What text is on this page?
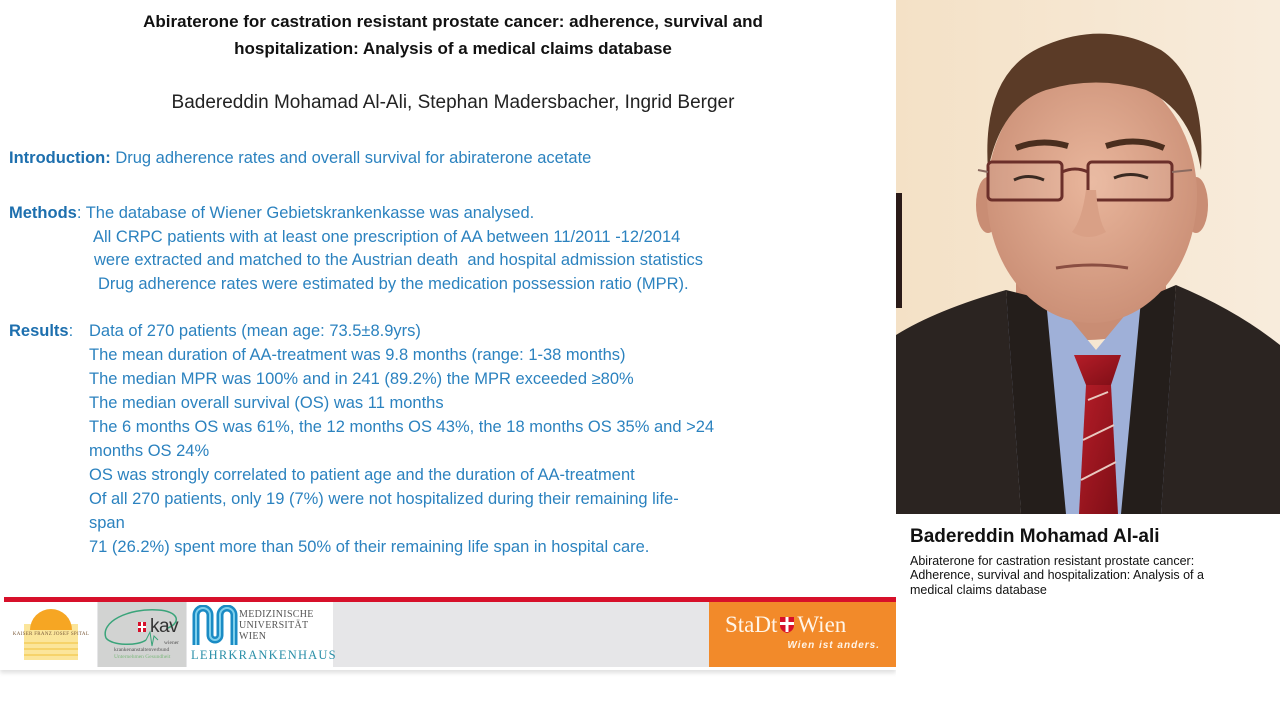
Abiraterone for castration resistant prostate cancer: adherence, survival and
hospitalization: Analysis of a medical claims database
Badereddin Mohamad Al-Ali, Stephan Madersbacher, Ingrid Berger
Introduction: Drug adherence rates and overall survival for abiraterone acetate
Methods: The database of Wiener Gebietskrankenkasse was analysed.
All CRPC patients with at least one prescription of AA between 11/2011 -12/2014
were extracted and matched to the Austrian death  and hospital admission statistics
Drug adherence rates were estimated by the medication possession ratio (MPR).
Results: Data of 270 patients (mean age: 73.5±8.9yrs)
The mean duration of AA-treatment was 9.8 months (range: 1-38 months)
The median MPR was 100% and in 241 (89.2%) the MPR exceeded ≥80%
The median overall survival (OS) was 11 months
The 6 months OS was 61%, the 12 months OS 43%, the 18 months OS 35% and >24
months OS 24%
OS was strongly correlated to patient age and the duration of AA-treatment
Of all 270 patients, only 19 (7%) were not hospitalized during their remaining life-
span
71 (26.2%) spent more than 50% of their remaining life span in hospital care.
KAISER FRANZ JOSEF SPITAL	kav
wiener
krankenanstaltenverbund
Unternehmen Gesundheit
MEDIZINISCHE
UNIVERSITÄT
WIEN
LEHRKRANKENHAUS
StaDt Wien
Wien ist anders.
Badereddin Mohamad Al-ali
Abiraterone for castration resistant prostate cancer:
Adherence, survival and hospitalization: Analysis of a
medical claims database
